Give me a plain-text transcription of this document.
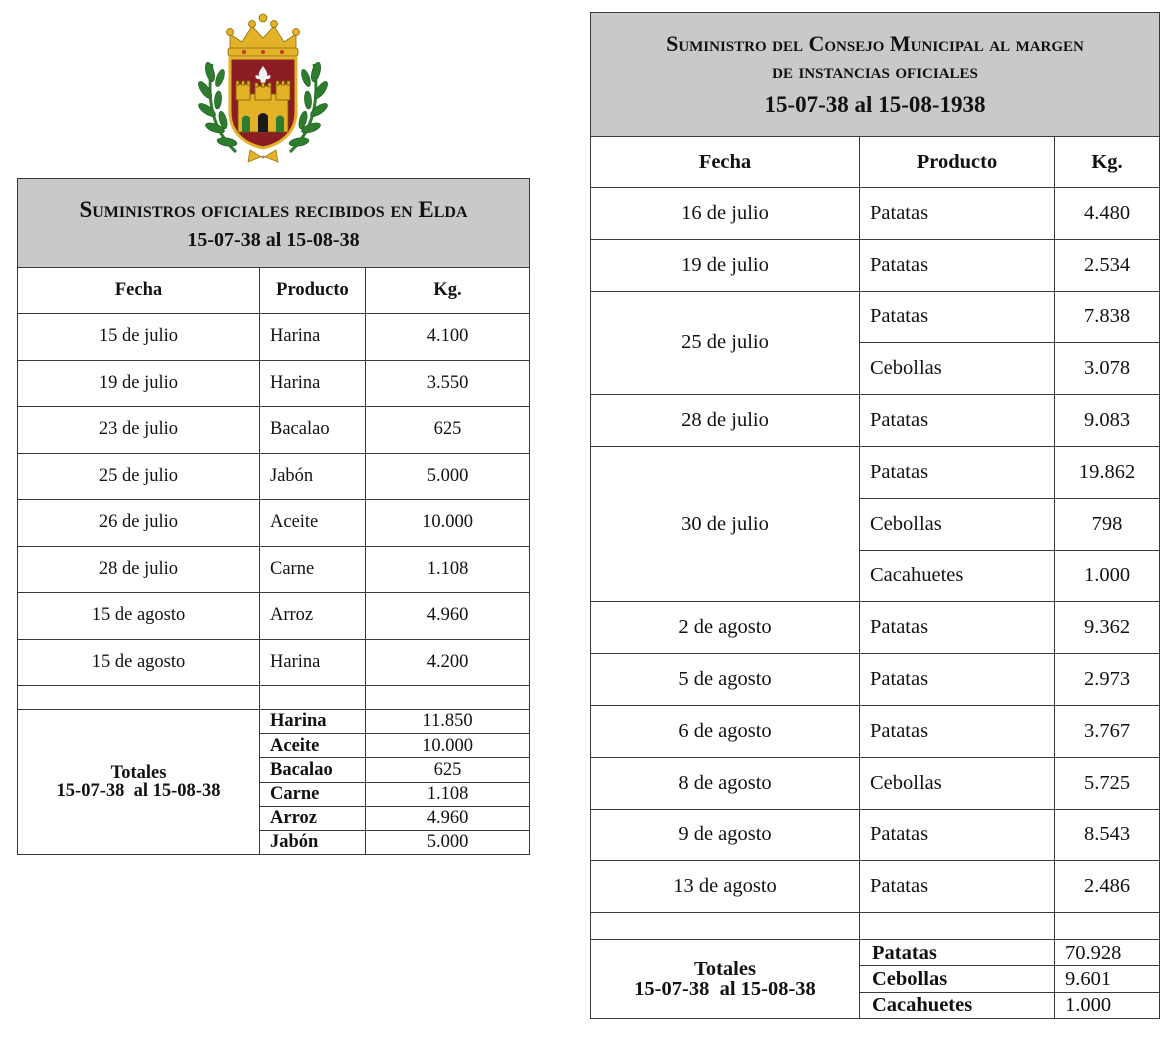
Suministros oficiales recibidos en Elda
15-07-38 al 15-08-38		

Fecha	Producto	Kg.
15 de julio	Harina	4.100
19 de julio	Harina	3.550
23 de julio	Bacalao	625
25 de julio	Jabón	5.000
26 de julio	Aceite	10.000
28 de julio	Carne	1.108
15 de agosto	Arroz	4.960
15 de agosto	Harina	4.200

Totales
15-07-38  al 15-08-38	Harina	11.850
	Aceite	10.000
	Bacalao	625
	Carne	1.108
	Arroz	4.960
	Jabón	5.000
Suministro del Consejo Municipal al margen
de instancias oficiales
15-07-38 al 15-08-1938		

Fecha	Producto	Kg.
16 de julio	Patatas	4.480
19 de julio	Patatas	2.534
25 de julio	Patatas	7.838
	Cebollas	3.078
28 de julio	Patatas	9.083
30 de julio	Patatas	19.862
	Cebollas	798
	Cacahuetes	1.000
2 de agosto	Patatas	9.362
5 de agosto	Patatas	2.973
6 de agosto	Patatas	3.767
8 de agosto	Cebollas	5.725
9 de agosto	Patatas	8.543
13 de agosto	Patatas	2.486

Totales
15-07-38  al 15-08-38	Patatas	70.928
	Cebollas	9.601
	Cacahuetes	1.000
